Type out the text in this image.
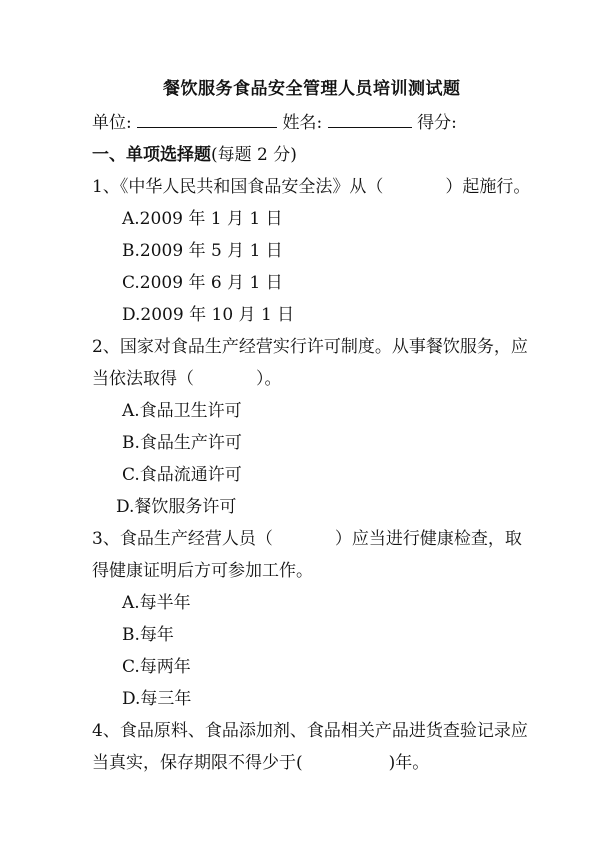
餐饮服务食品安全管理人员培训测试题
单位:	姓名:	得分:
一、单项选择题(每题 2 分)
1、《中华人民共和国食品安全法》从（	）起施行。
A.2009 年 1 月 1 日
B.2009 年 5 月 1 日
C.2009 年 6 月 1 日
D.2009 年 10 月 1 日
2、国家对食品生产经营实行许可制度。从事餐饮服务，应
当依法取得（	）。
A.食品卫生许可
B.食品生产许可
C.食品流通许可
D.餐饮服务许可
3、食品生产经营人员（	）应当进行健康检查，取
得健康证明后方可参加工作。
A.每半年
B.每年
C.每两年
D.每三年
4、食品原料、食品添加剂、食品相关产品进货查验记录应
当真实，保存期限不得少于(	)年。
